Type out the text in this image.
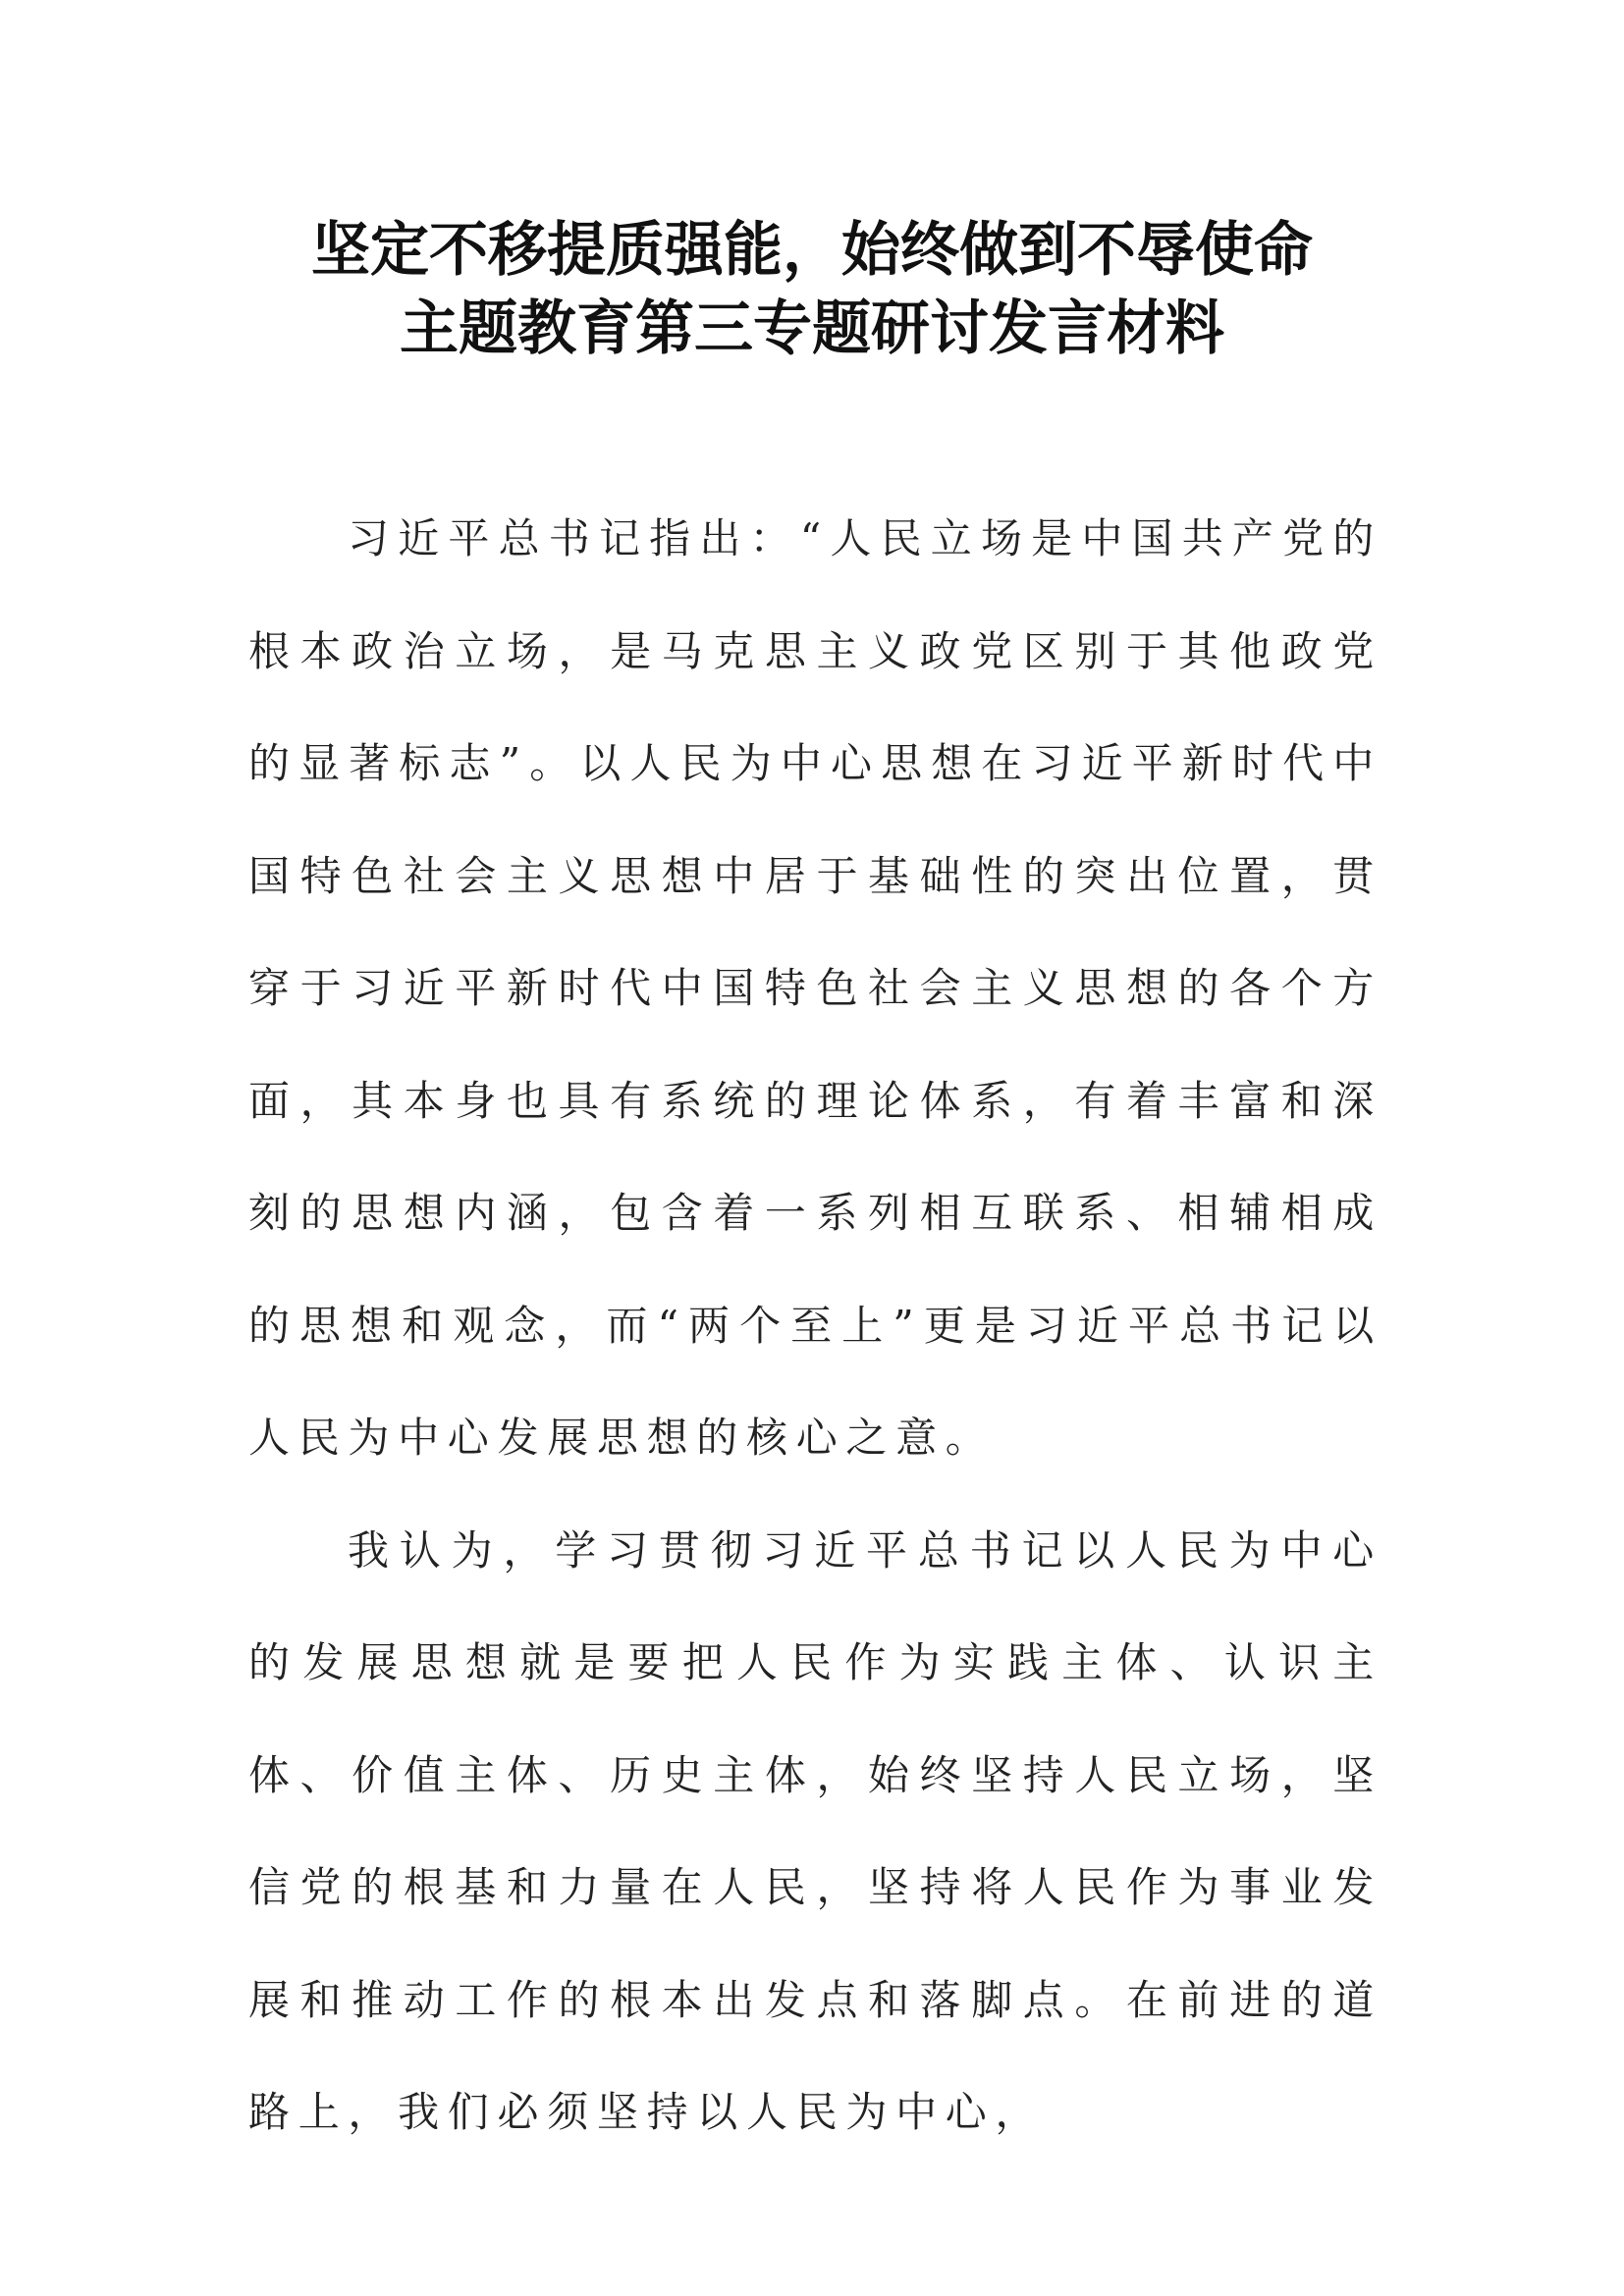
坚定不移提质强能，始终做到不辱使命
主题教育第三专题研讨发言材料

习近平总书记指出：“人民立场是中国共产党的根本政治立场，是马克思主义政党区别于其他政党的显著标志”。以人民为中心思想在习近平新时代中国特色社会主义思想中居于基础性的突出位置，贯穿于习近平新时代中国特色社会主义思想的各个方面，其本身也具有系统的理论体系，有着丰富和深刻的思想内涵，包含着一系列相互联系、相辅相成的思想和观念，而“两个至上”更是习近平总书记以人民为中心发展思想的核心之意。

我认为，学习贯彻习近平总书记以人民为中心的发展思想就是要把人民作为实践主体、认识主体、价值主体、历史主体，始终坚持人民立场，坚信党的根基和力量在人民，坚持将人民作为事业发展和推动工作的根本出发点和落脚点。在前进的道路上，我们必须坚持以人民为中心，
